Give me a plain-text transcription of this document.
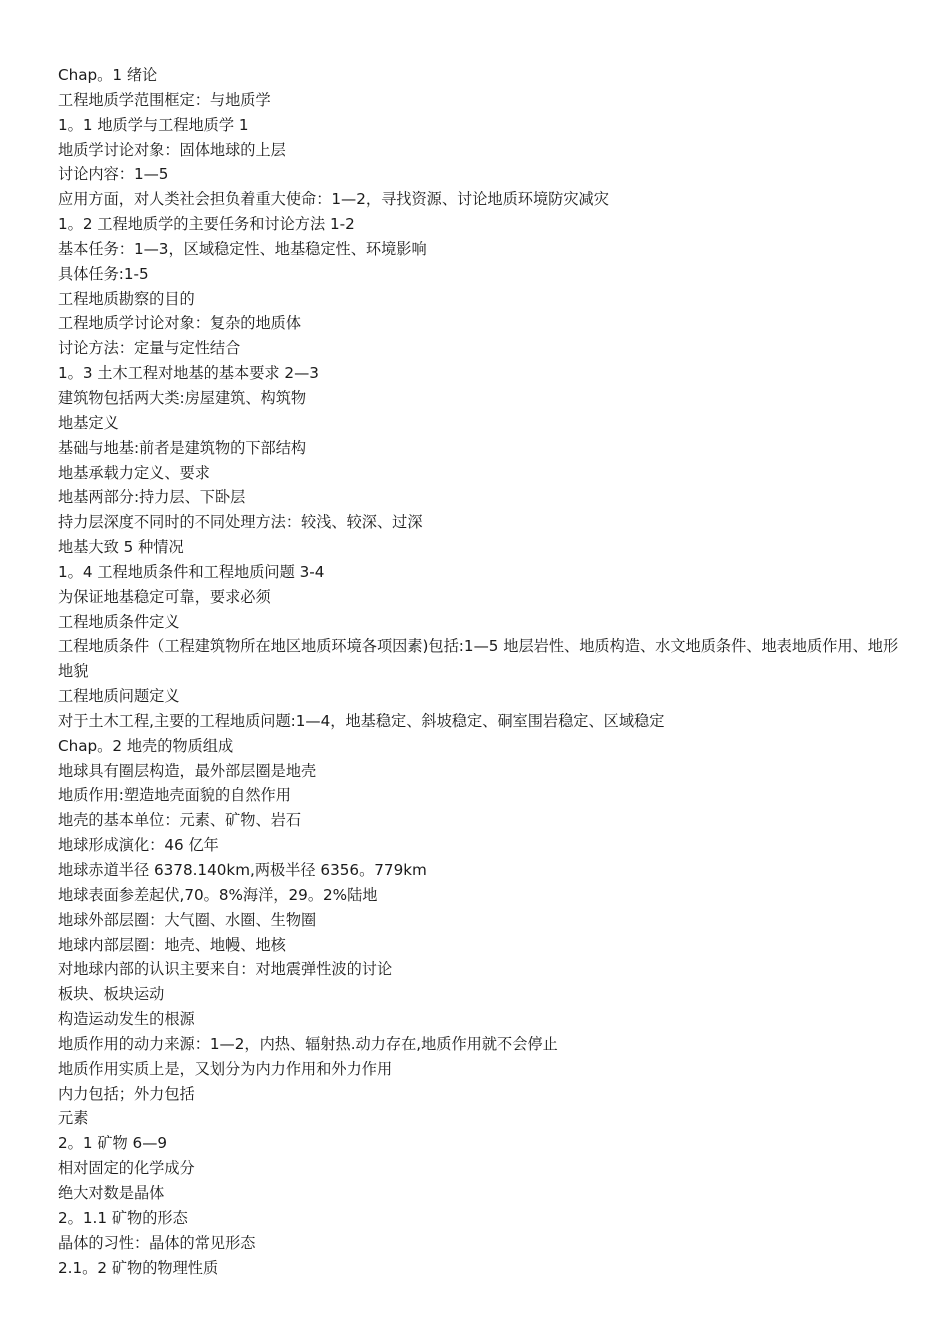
Chap。1 绪论

工程地质学范围框定：与地质学

1。1 地质学与工程地质学 1

地质学讨论对象：固体地球的上层

讨论内容：1—5

应用方面，对人类社会担负着重大使命：1—2，寻找资源、讨论地质环境防灾减灾

1。2 工程地质学的主要任务和讨论方法 1-2

基本任务：1—3，区域稳定性、地基稳定性、环境影响

具体任务:1-5

工程地质勘察的目的

工程地质学讨论对象：复杂的地质体

讨论方法：定量与定性结合

1。3 土木工程对地基的基本要求 2—3

建筑物包括两大类:房屋建筑、构筑物

地基定义

基础与地基:前者是建筑物的下部结构

地基承载力定义、要求

地基两部分:持力层、下卧层

持力层深度不同时的不同处理方法：较浅、较深、过深

地基大致 5 种情况

1。4 工程地质条件和工程地质问题 3-4

为保证地基稳定可靠，要求必须

工程地质条件定义

工程地质条件（工程建筑物所在地区地质环境各项因素)包括:1—5 地层岩性、地质构造、水文地质条件、地表地质作用、地形地貌

工程地质问题定义

对于土木工程,主要的工程地质问题:1—4，地基稳定、斜坡稳定、硐室围岩稳定、区域稳定

Chap。2 地壳的物质组成

地球具有圈层构造，最外部层圈是地壳

地质作用:塑造地壳面貌的自然作用

地壳的基本单位：元素、矿物、岩石

地球形成演化：46 亿年

地球赤道半径 6378.140km,两极半径 6356。779km

地球表面参差起伏,70。8%海洋，29。2%陆地

地球外部层圈：大气圈、水圈、生物圈

地球内部层圈：地壳、地幔、地核

对地球内部的认识主要来自：对地震弹性波的讨论

板块、板块运动

构造运动发生的根源

地质作用的动力来源：1—2，内热、辐射热.动力存在,地质作用就不会停止

地质作用实质上是，又划分为内力作用和外力作用

内力包括；外力包括

元素

2。1 矿物 6—9

相对固定的化学成分

绝大对数是晶体

2。1.1 矿物的形态

晶体的习性：晶体的常见形态

2.1。2 矿物的物理性质
